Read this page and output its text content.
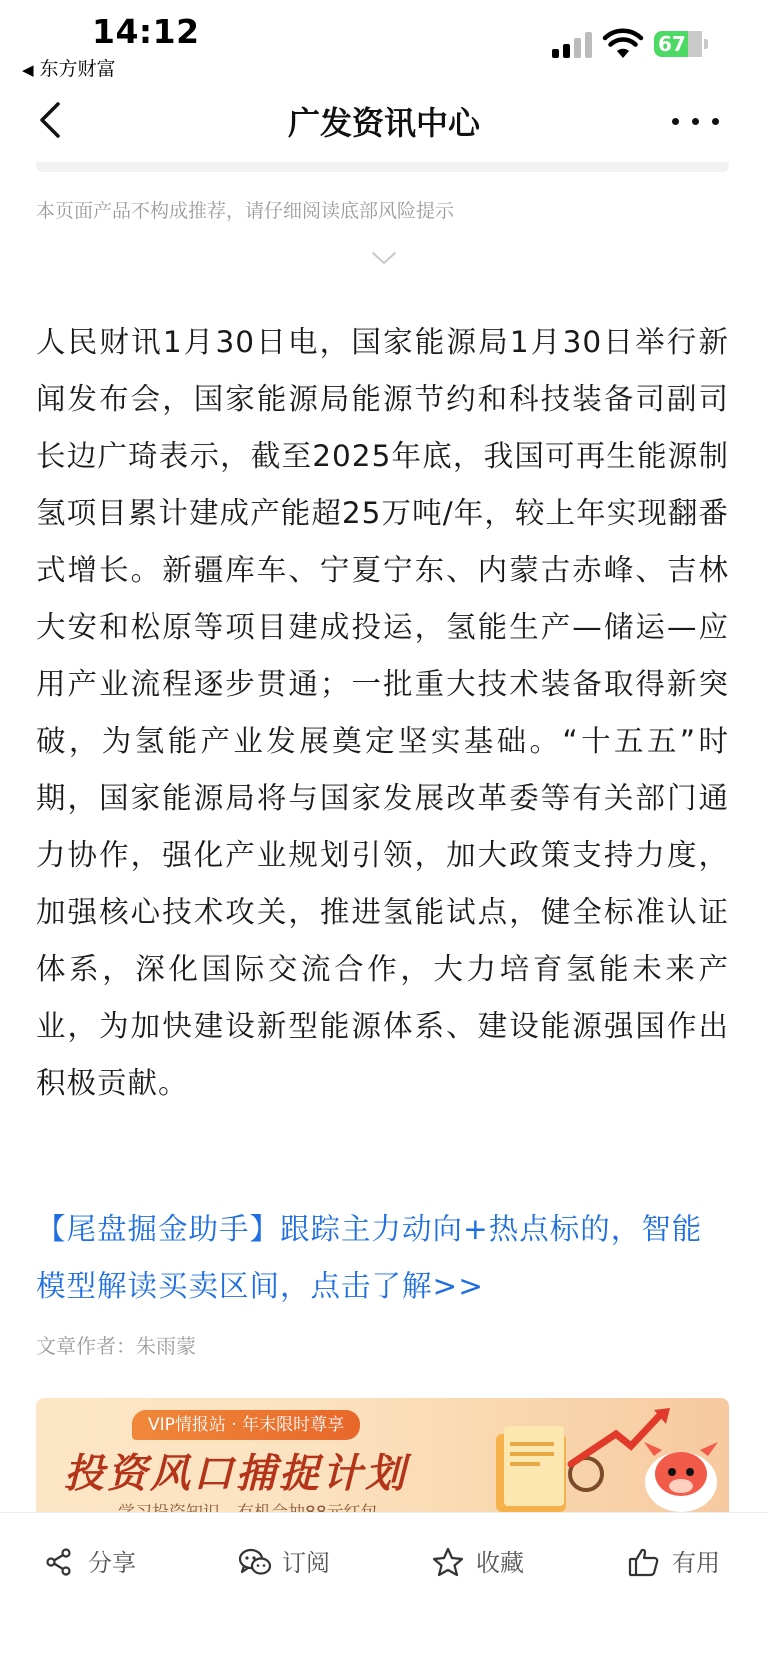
14:12
◀ 东方财富
67
广发资讯中心
本页面产品不构成推荐，请仔细阅读底部风险提示

人民财讯1月30日电，国家能源局1月30日举行新闻发布会，国家能源局能源节约和科技装备司副司长边广琦表示，截至2025年底，我国可再生能源制氢项目累计建成产能超25万吨/年，较上年实现翻番式增长。新疆库车、宁夏宁东、内蒙古赤峰、吉林大安和松原等项目建成投运，氢能生产—储运—应用产业流程逐步贯通；一批重大技术装备取得新突破，为氢能产业发展奠定坚实基础。“十五五”时期，国家能源局将与国家发展改革委等有关部门通力协作，强化产业规划引领，加大政策支持力度，加强核心技术攻关，推进氢能试点，健全标准认证体系，深化国际交流合作，大力培育氢能未来产业，为加快建设新型能源体系、建设能源强国作出积极贡献。

【尾盘掘金助手】跟踪主力动向+热点标的，智能模型解读买卖区间，点击了解>>

文章作者：朱雨蒙
VIP情报站 · 年末限时尊享
投资风口捕捉计划
分享	订阅	收藏	有用
